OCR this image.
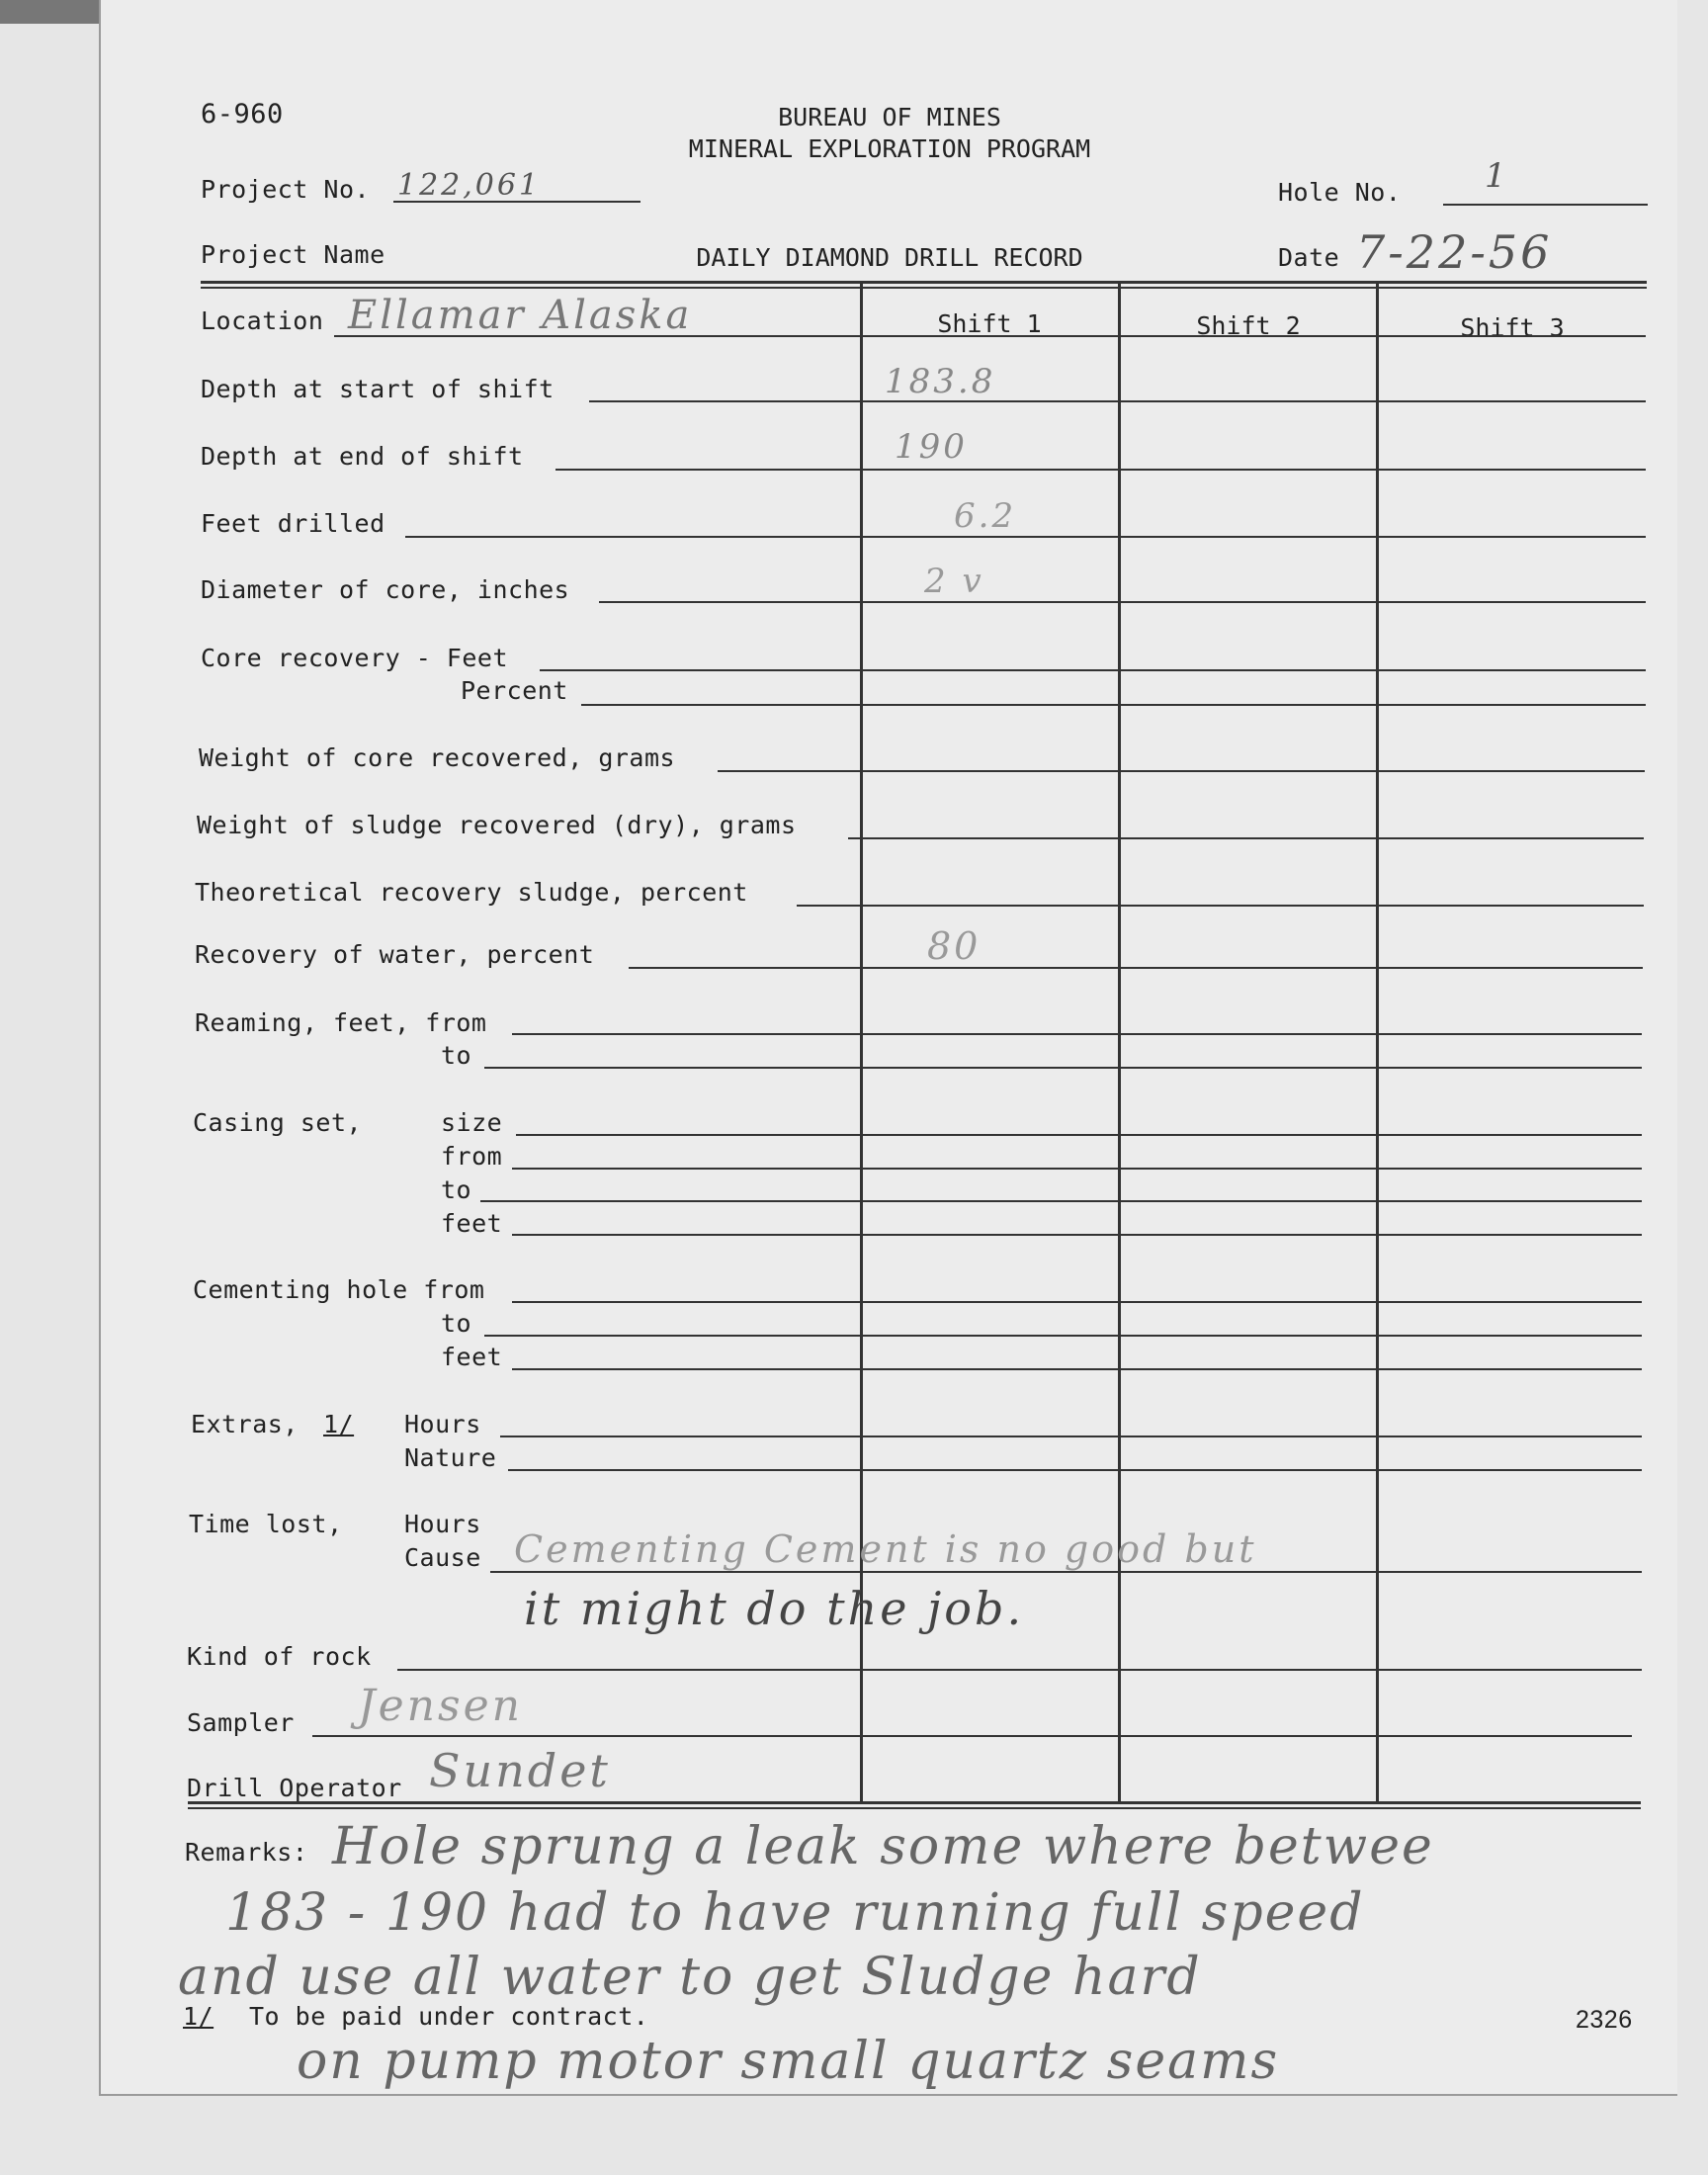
6-960	BUREAU OF MINES
MINERAL EXPLORATION PROGRAM
Project No. 122,061	Hole No. 1
Project Name	DAILY DIAMOND DRILL RECORD	Date 7-22-56
Shift 1	Shift 2	Shift 3
Location Ellamar Alaska
Depth at start of shift	183.8
Depth at end of shift	190
Feet drilled	6.2
Diameter of core, inches	2 v
Core recovery - Feet
Percent
Weight of core recovered, grams
Weight of sludge recovered (dry), grams
Theoretical recovery sludge, percent
Recovery of water, percent	80
Reaming, feet, from
to
Casing set,	size
from
to
feet
Cementing hole from
to
feet
Extras, 1/ Hours
Nature
Time lost, Hours
Cause Cementing Cement is no good but
it might do the job.
Kind of rock
Sampler Jensen
Drill Operator Sundet
Remarks: Hole sprung a leak some where betwee
183 - 190 had to have running full speed
and use all water to get Sludge hard
on pump motor small quartz seams
1/ To be paid under contract.	2326
